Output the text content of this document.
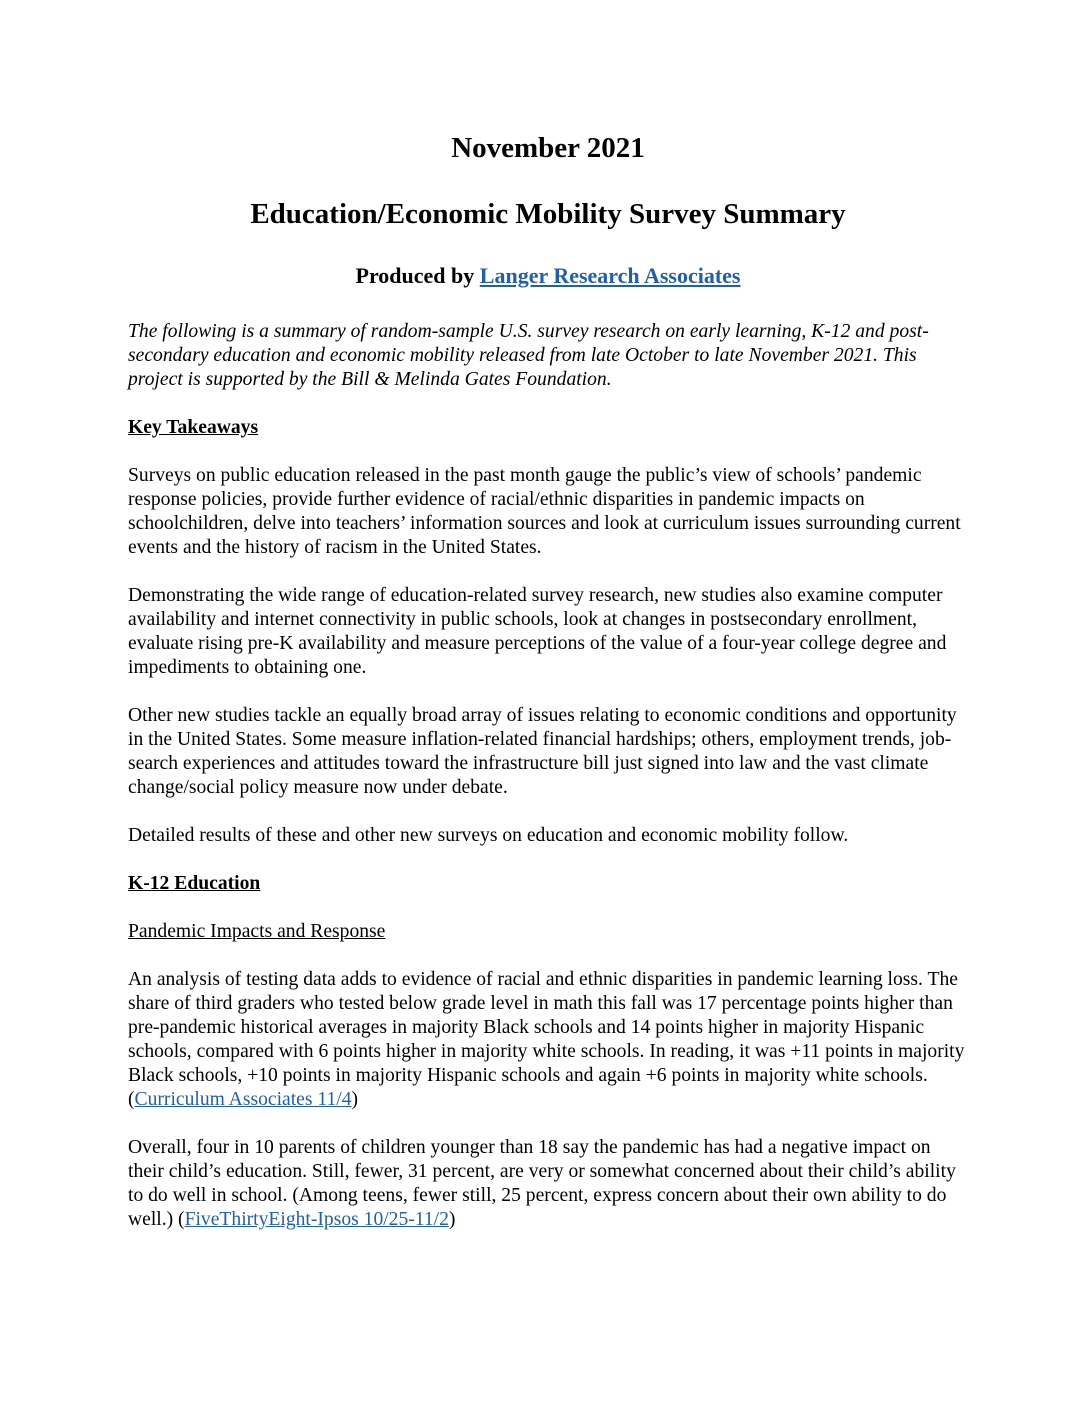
November 2021
Education/Economic Mobility Survey Summary
Produced by Langer Research Associates

The following is a summary of random-sample U.S. survey research on early learning, K-12 and post-secondary education and economic mobility released from late October to late November 2021. This project is supported by the Bill & Melinda Gates Foundation.

Key Takeaways

Surveys on public education released in the past month gauge the public’s view of schools’ pandemic response policies, provide further evidence of racial/ethnic disparities in pandemic impacts on schoolchildren, delve into teachers’ information sources and look at curriculum issues surrounding current events and the history of racism in the United States.

Demonstrating the wide range of education-related survey research, new studies also examine computer availability and internet connectivity in public schools, look at changes in postsecondary enrollment, evaluate rising pre-K availability and measure perceptions of the value of a four-year college degree and impediments to obtaining one.

Other new studies tackle an equally broad array of issues relating to economic conditions and opportunity in the United States. Some measure inflation-related financial hardships; others, employment trends, job-search experiences and attitudes toward the infrastructure bill just signed into law and the vast climate change/social policy measure now under debate.

Detailed results of these and other new surveys on education and economic mobility follow.

K-12 Education

Pandemic Impacts and Response

An analysis of testing data adds to evidence of racial and ethnic disparities in pandemic learning loss. The share of third graders who tested below grade level in math this fall was 17 percentage points higher than pre-pandemic historical averages in majority Black schools and 14 points higher in majority Hispanic schools, compared with 6 points higher in majority white schools. In reading, it was +11 points in majority Black schools, +10 points in majority Hispanic schools and again +6 points in majority white schools. (Curriculum Associates 11/4)

Overall, four in 10 parents of children younger than 18 say the pandemic has had a negative impact on their child’s education. Still, fewer, 31 percent, are very or somewhat concerned about their child’s ability to do well in school. (Among teens, fewer still, 25 percent, express concern about their own ability to do well.) (FiveThirtyEight-Ipsos 10/25-11/2)
